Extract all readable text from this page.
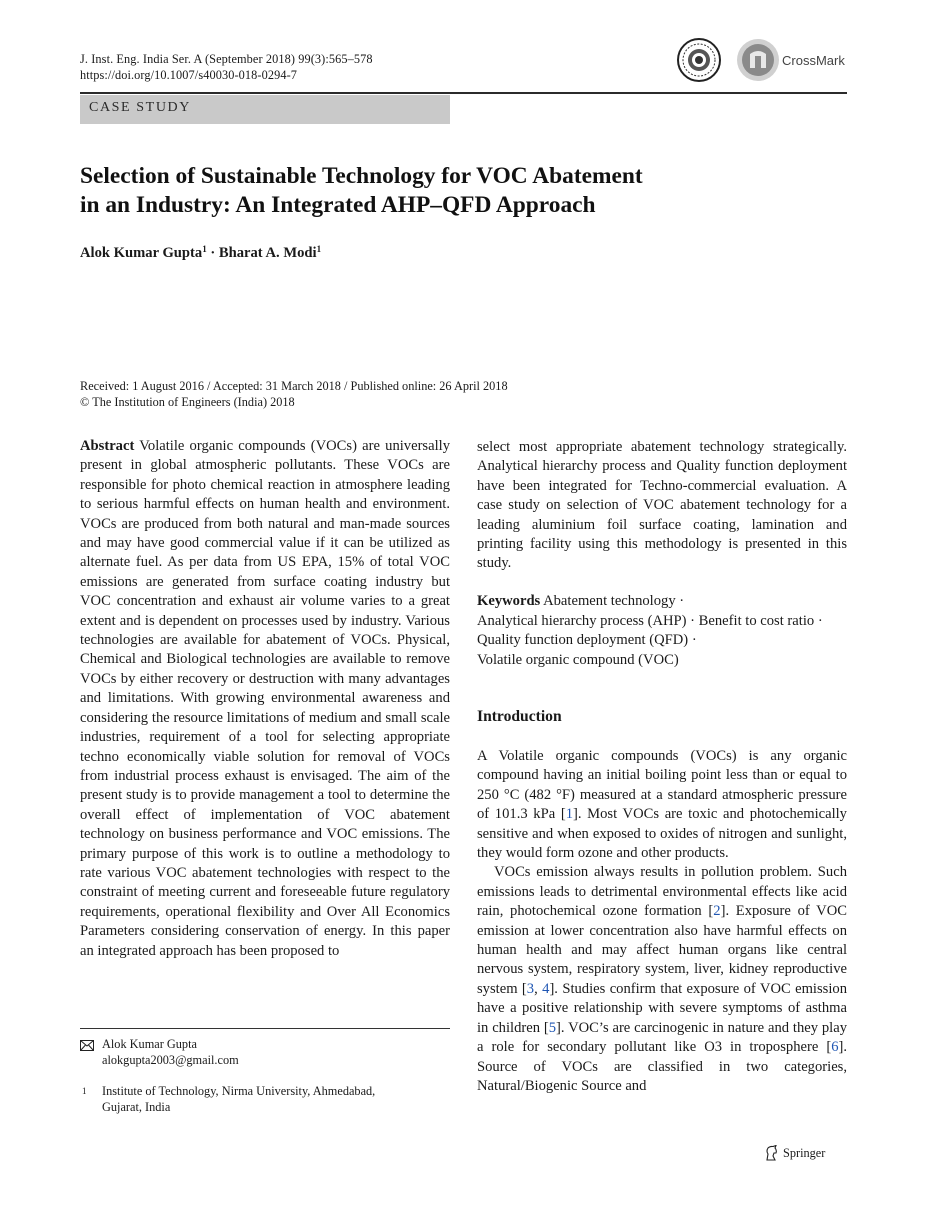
J. Inst. Eng. India Ser. A (September 2018) 99(3):565–578
https://doi.org/10.1007/s40030-018-0294-7
CrossMark
CASE STUDY
Selection of Sustainable Technology for VOC Abatement
in an Industry: An Integrated AHP–QFD Approach
Alok Kumar Gupta$^1$ · Bharat A. Modi$^1$
Received: 1 August 2016 / Accepted: 31 March 2018 / Published online: 26 April 2018
© The Institution of Engineers (India) 2018

Abstract Volatile organic compounds (VOCs) are universally present in global atmospheric pollutants. These VOCs are responsible for photo chemical reaction in atmosphere leading to serious harmful effects on human health and environment. VOCs are produced from both natural and man-made sources and may have good commercial value if it can be utilized as alternate fuel. As per data from US EPA, 15% of total VOC emissions are generated from surface coating industry but VOC concentration and exhaust air volume varies to a great extent and is dependent on processes used by industry. Various technologies are available for abatement of VOCs. Physical, Chemical and Biological technologies are available to remove VOCs by either recovery or destruction with many advantages and limitations. With growing environmental awareness and considering the resource limitations of medium and small scale industries, requirement of a tool for selecting appropriate techno economically viable solution for removal of VOCs from industrial process exhaust is envisaged. The aim of the present study is to provide management a tool to determine the overall effect of implementation of VOC abatement technology on business performance and VOC emissions. The primary purpose of this work is to outline a methodology to rate various VOC abatement technologies with respect to the constraint of meeting current and foreseeable future regulatory requirements, operational flexibility and Over All Economics Parameters considering conservation of energy. In this paper an integrated approach has been proposed to

select most appropriate abatement technology strategically. Analytical hierarchy process and Quality function deployment have been integrated for Techno-commercial evaluation. A case study on selection of VOC abatement technology for a leading aluminium foil surface coating, lamination and printing facility using this methodology is presented in this study.

Keywords Abatement technology ·
Analytical hierarchy process (AHP) · Benefit to cost ratio ·
Quality function deployment (QFD) ·
Volatile organic compound (VOC)
Introduction

A Volatile organic compounds (VOCs) is any organic compound having an initial boiling point less than or equal to 250 °C (482 °F) measured at a standard atmospheric pressure of 101.3 kPa [1]. Most VOCs are toxic and photochemically sensitive and when exposed to oxides of nitrogen and sunlight, they would form ozone and other products.

VOCs emission always results in pollution problem. Such emissions leads to detrimental environmental effects like acid rain, photochemical ozone formation [2]. Exposure of VOC emission at lower concentration also have harmful effects on human health and may affect human organs like central nervous system, respiratory system, liver, kidney reproductive system [3, 4]. Studies confirm that exposure of VOC emission have a positive relationship with severe symptoms of asthma in children [5]. VOC’s are carcinogenic in nature and they play a role for secondary pollutant like O3 in troposphere [6]. Source of VOCs are classified in two categories, Natural/Biogenic Source and

Alok Kumar Gupta
alokgupta2003@gmail.com
1 Institute of Technology, Nirma University, Ahmedabad,
Gujarat, India
Springer
